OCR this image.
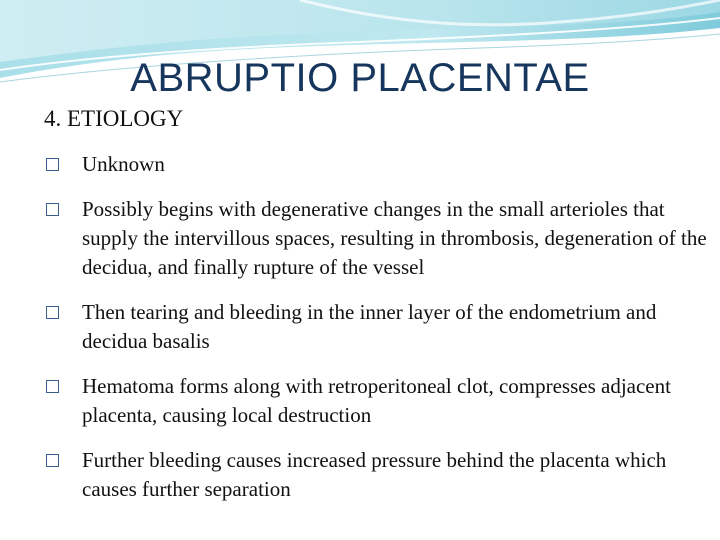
ABRUPTIO PLACENTAE
4. ETIOLOGY
Unknown
Possibly begins with degenerative changes in the small arterioles that supply the intervillous spaces, resulting in thrombosis, degeneration of the decidua, and finally rupture of the vessel
Then tearing and bleeding in the inner layer of the endometrium and decidua basalis
Hematoma forms along with retroperitoneal clot, compresses adjacent placenta, causing local destruction
Further bleeding causes increased pressure behind the placenta which causes further separation
